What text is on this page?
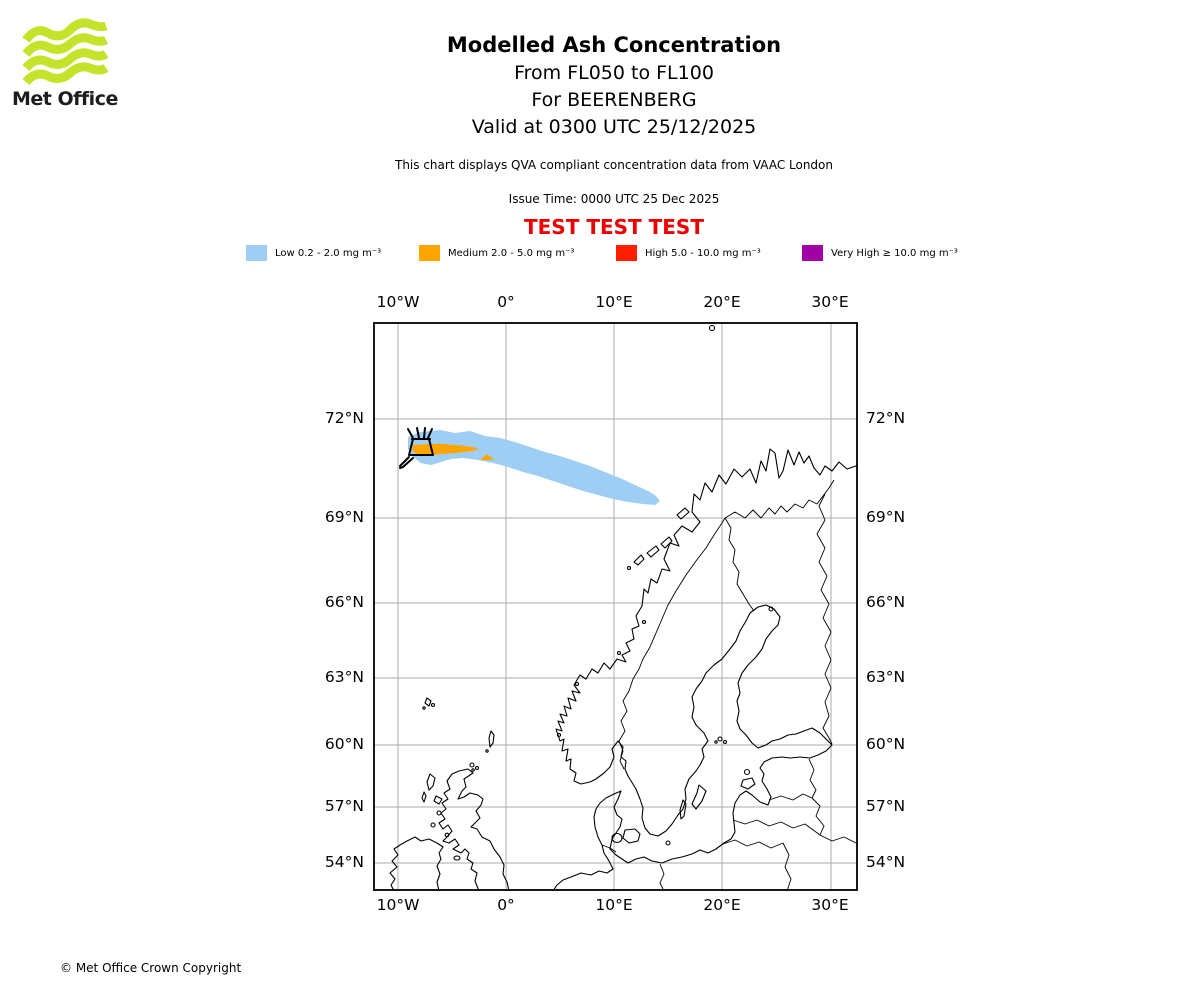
Met Office
Modelled Ash Concentration
From FL050 to FL100
For BEERENBERG
Valid at 0300 UTC 25/12/2025
This chart displays QVA compliant concentration data from VAAC London
Issue Time: 0000 UTC 25 Dec 2025
TEST TEST TEST
Low 0.2 - 2.0 mg m⁻³	Medium 2.0 - 5.0 mg m⁻³	High 5.0 - 10.0 mg m⁻³	Very High ≥ 10.0 mg m⁻³
10°W	0°	10°E	20°E	30°E
10°W	0°	10°E	20°E	30°E
72°N
69°N
66°N
63°N
60°N
57°N
54°N
72°N
69°N
66°N
63°N
60°N
57°N
54°N
© Met Office Crown Copyright
